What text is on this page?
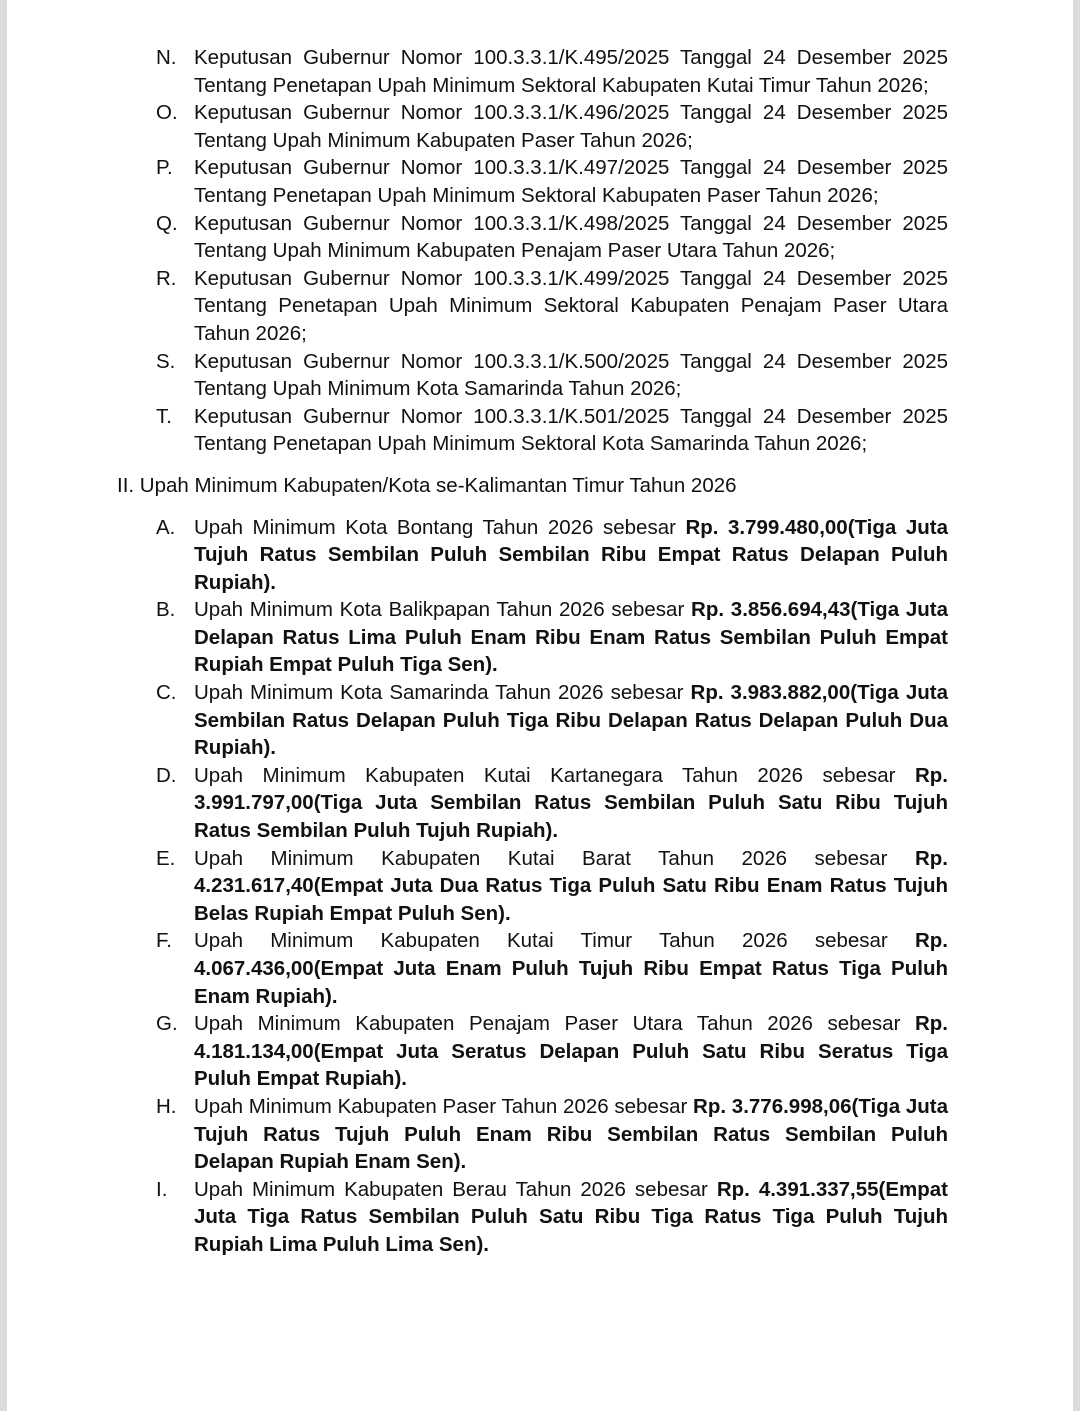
N. Keputusan Gubernur Nomor 100.3.3.1/K.495/2025 Tanggal 24 Desember 2025 Tentang Penetapan Upah Minimum Sektoral Kabupaten Kutai Timur Tahun 2026;
O. Keputusan Gubernur Nomor 100.3.3.1/K.496/2025 Tanggal 24 Desember 2025 Tentang Upah Minimum Kabupaten Paser Tahun 2026;
P. Keputusan Gubernur Nomor 100.3.3.1/K.497/2025 Tanggal 24 Desember 2025 Tentang Penetapan Upah Minimum Sektoral Kabupaten Paser Tahun 2026;
Q. Keputusan Gubernur Nomor 100.3.3.1/K.498/2025 Tanggal 24 Desember 2025 Tentang Upah Minimum Kabupaten Penajam Paser Utara Tahun 2026;
R. Keputusan Gubernur Nomor 100.3.3.1/K.499/2025 Tanggal 24 Desember 2025 Tentang Penetapan Upah Minimum Sektoral Kabupaten Penajam Paser Utara Tahun 2026;
S. Keputusan Gubernur Nomor 100.3.3.1/K.500/2025 Tanggal 24 Desember 2025 Tentang Upah Minimum Kota Samarinda Tahun 2026;
T. Keputusan Gubernur Nomor 100.3.3.1/K.501/2025 Tanggal 24 Desember 2025 Tentang Penetapan Upah Minimum Sektoral Kota Samarinda Tahun 2026;
II. Upah Minimum Kabupaten/Kota se-Kalimantan Timur Tahun 2026
A. Upah Minimum Kota Bontang Tahun 2026 sebesar Rp. 3.799.480,00(Tiga Juta Tujuh Ratus Sembilan Puluh Sembilan Ribu Empat Ratus Delapan Puluh Rupiah).
B. Upah Minimum Kota Balikpapan Tahun 2026 sebesar Rp. 3.856.694,43(Tiga Juta Delapan Ratus Lima Puluh Enam Ribu Enam Ratus Sembilan Puluh Empat Rupiah Empat Puluh Tiga Sen).
C. Upah Minimum Kota Samarinda Tahun 2026 sebesar Rp. 3.983.882,00(Tiga Juta Sembilan Ratus Delapan Puluh Tiga Ribu Delapan Ratus Delapan Puluh Dua Rupiah).
D. Upah Minimum Kabupaten Kutai Kartanegara Tahun 2026 sebesar Rp. 3.991.797,00(Tiga Juta Sembilan Ratus Sembilan Puluh Satu Ribu Tujuh Ratus Sembilan Puluh Tujuh Rupiah).
E. Upah Minimum Kabupaten Kutai Barat Tahun 2026 sebesar Rp. 4.231.617,40(Empat Juta Dua Ratus Tiga Puluh Satu Ribu Enam Ratus Tujuh Belas Rupiah Empat Puluh Sen).
F. Upah Minimum Kabupaten Kutai Timur Tahun 2026 sebesar Rp. 4.067.436,00(Empat Juta Enam Puluh Tujuh Ribu Empat Ratus Tiga Puluh Enam Rupiah).
G. Upah Minimum Kabupaten Penajam Paser Utara Tahun 2026 sebesar Rp. 4.181.134,00(Empat Juta Seratus Delapan Puluh Satu Ribu Seratus Tiga Puluh Empat Rupiah).
H. Upah Minimum Kabupaten Paser Tahun 2026 sebesar Rp. 3.776.998,06(Tiga Juta Tujuh Ratus Tujuh Puluh Enam Ribu Sembilan Ratus Sembilan Puluh Delapan Rupiah Enam Sen).
I. Upah Minimum Kabupaten Berau Tahun 2026 sebesar Rp. 4.391.337,55(Empat Juta Tiga Ratus Sembilan Puluh Satu Ribu Tiga Ratus Tiga Puluh Tujuh Rupiah Lima Puluh Lima Sen).
